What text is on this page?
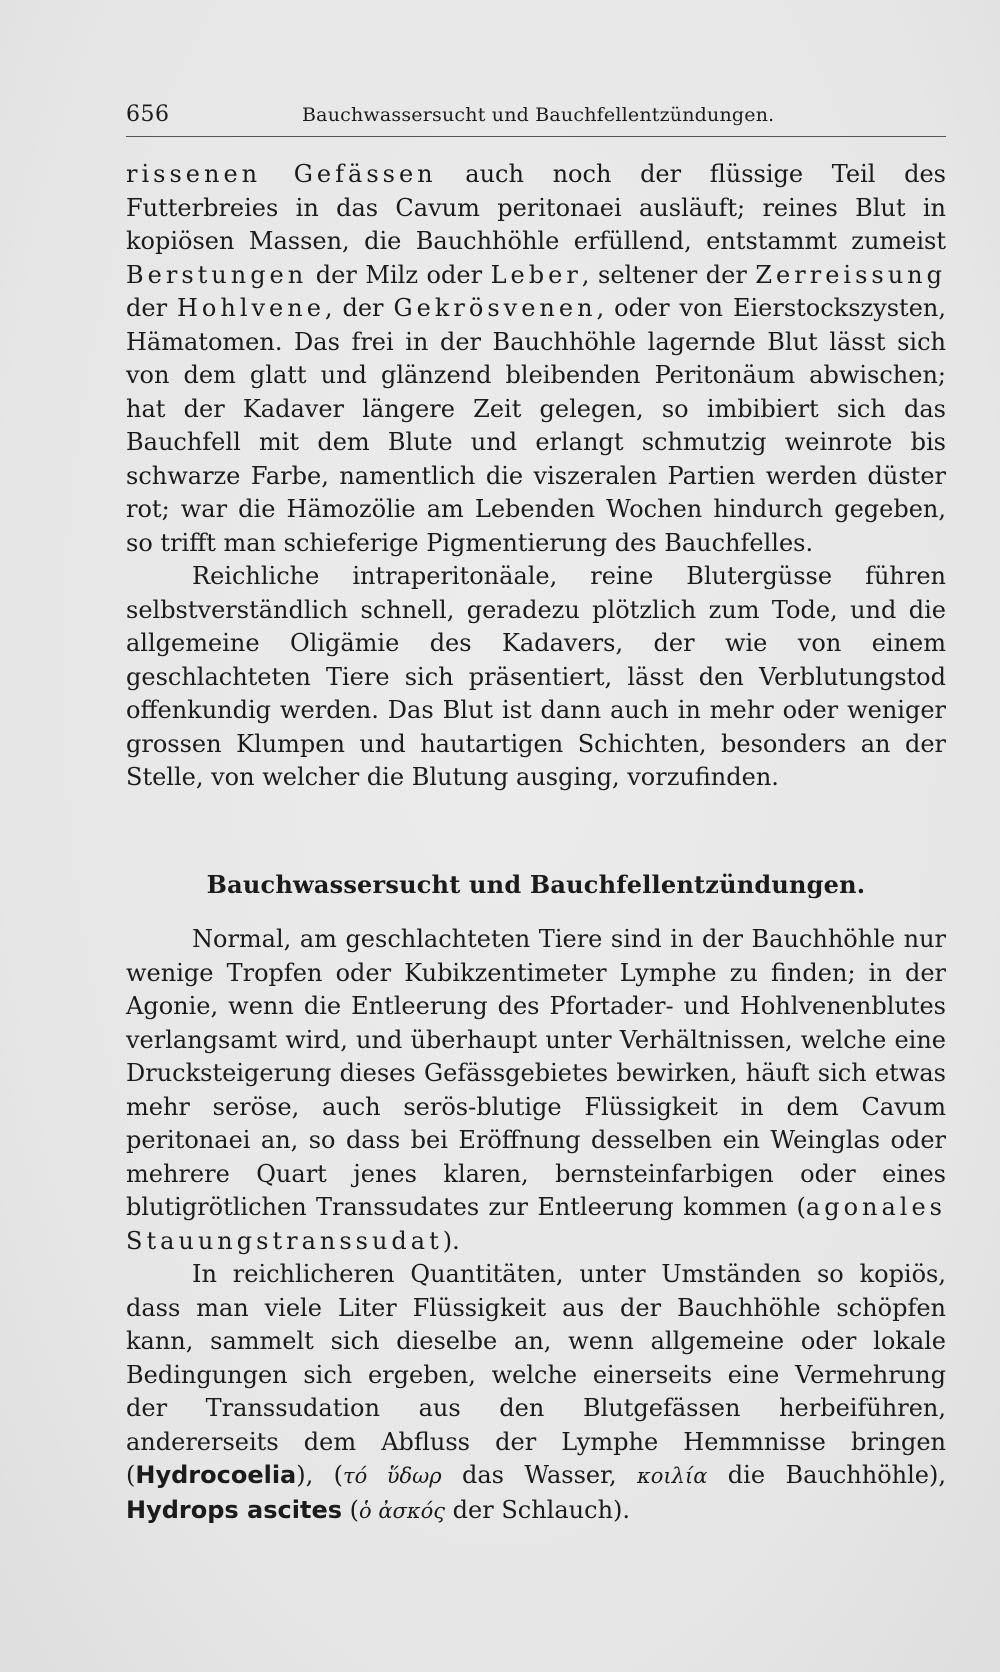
656	Bauchwassersucht und Bauchfellentzündungen.

rissenen Gefässen auch noch der flüssige Teil des Futterbreies in das Cavum peritonaei ausläuft; reines Blut in kopiösen Massen, die Bauchhöhle erfüllend, entstammt zumeist Berstungen der Milz oder Leber, seltener der Zerreissung der Hohlvene, der Gekrösvenen, oder von Eierstockszysten, Hämatomen. Das frei in der Bauchhöhle lagernde Blut lässt sich von dem glatt und glänzend bleibenden Peritonäum abwischen; hat der Kadaver längere Zeit gelegen, so imbibiert sich das Bauchfell mit dem Blute und erlangt schmutzig weinrote bis schwarze Farbe, namentlich die viszeralen Partien werden düster rot; war die Hämozölie am Lebenden Wochen hindurch gegeben, so trifft man schieferige Pigmentierung des Bauchfelles.

Reichliche intraperitonäale, reine Blutergüsse führen selbstverständlich schnell, geradezu plötzlich zum Tode, und die allgemeine Oligämie des Kadavers, der wie von einem geschlachteten Tiere sich präsentiert, lässt den Verblutungstod offenkundig werden. Das Blut ist dann auch in mehr oder weniger grossen Klumpen und hautartigen Schichten, besonders an der Stelle, von welcher die Blutung ausging, vorzufinden.

Bauchwassersucht und Bauchfellentzündungen.

Normal, am geschlachteten Tiere sind in der Bauchhöhle nur wenige Tropfen oder Kubikzentimeter Lymphe zu finden; in der Agonie, wenn die Entleerung des Pfortader- und Hohlvenenblutes verlangsamt wird, und überhaupt unter Verhältnissen, welche eine Drucksteigerung dieses Gefässgebietes bewirken, häuft sich etwas mehr seröse, auch serös-blutige Flüssigkeit in dem Cavum peritonaei an, so dass bei Eröffnung desselben ein Weinglas oder mehrere Quart jenes klaren, bernsteinfarbigen oder eines blutigrötlichen Transsudates zur Entleerung kommen (agonales Stauungstranssudat).

In reichlicheren Quantitäten, unter Umständen so kopiös, dass man viele Liter Flüssigkeit aus der Bauchhöhle schöpfen kann, sammelt sich dieselbe an, wenn allgemeine oder lokale Bedingungen sich ergeben, welche einerseits eine Vermehrung der Transsudation aus den Blutgefässen herbeiführen, andererseits dem Abfluss der Lymphe Hemmnisse bringen (Hydrocoelia), (τό ὕδωρ das Wasser, κοιλία die Bauchhöhle), Hydrops ascites (ὁ ἀσκός der Schlauch).
